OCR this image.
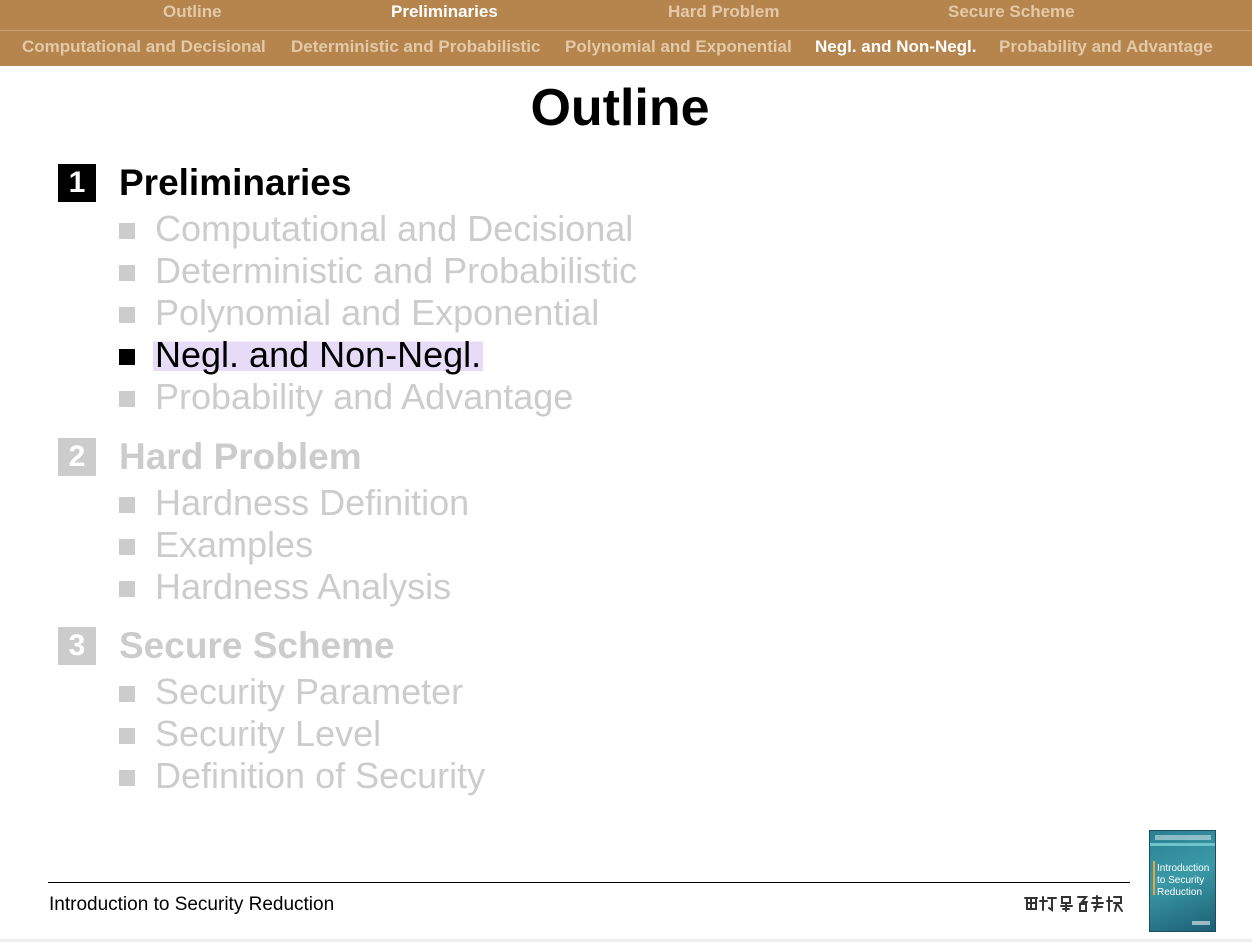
Outline	Preliminaries	Hard Problem	Secure Scheme
Computational and Decisional Deterministic and Probabilistic Polynomial and Exponential Negl. and Non-Negl. Probability and Advantage
Outline
1 Preliminaries
Computational and Decisional
Deterministic and Probabilistic
Polynomial and Exponential
Negl. and Non-Negl.
Probability and Advantage
2 Hard Problem
Hardness Definition
Examples
Hardness Analysis
3 Secure Scheme
Security Parameter
Security Level
Definition of Security
Introduction to Security Reduction
Introduction to Security Reduction
